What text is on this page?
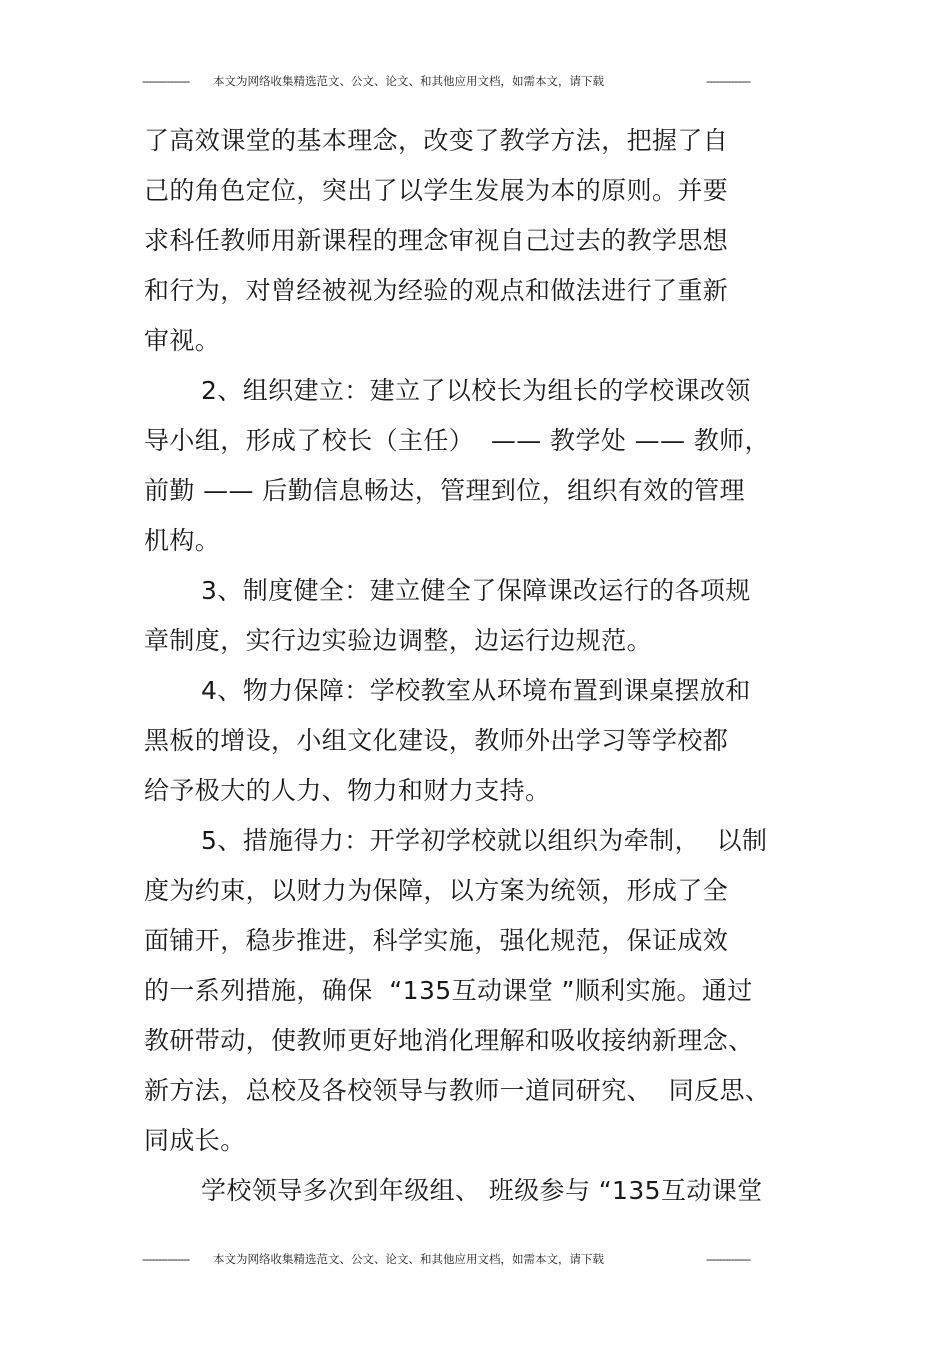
--------------- 本文为网络收集精选范文、公文、论文、和其他应用文档，如需本文，请下载	--------------
了高效课堂的基本理念，改变了教学方法，把握了自
己的角色定位，突出了以学生发展为本的原则。并要
求科任教师用新课程的理念审视自己过去的教学思想
和行为，对曾经被视为经验的观点和做法进行了重新
审视。
2、组织建立：建立了以校长为组长的学校课改领
导小组，形成了校长（主任）  —— 教学处 —— 教师，
前勤 —— 后勤信息畅达，管理到位，组织有效的管理
机构。
3、制度健全：建立健全了保障课改运行的各项规
章制度，实行边实验边调整，边运行边规范。
4、物力保障：学校教室从环境布置到课桌摆放和
黑板的增设，小组文化建设，教师外出学习等学校都
给予极大的人力、物力和财力支持。
5、措施得力：开学初学校就以组织为牵制，  以制
度为约束，以财力为保障，以方案为统领，形成了全
面铺开，稳步推进，科学实施，强化规范，保证成效
的一系列措施，确保  “135互动课堂 ”顺利实施。通过
教研带动，使教师更好地消化理解和吸收接纳新理念、
新方法，总校及各校领导与教师一道同研究、  同反思、
同成长。
学校领导多次到年级组、 班级参与 “135互动课堂
--------------- 本文为网络收集精选范文、公文、论文、和其他应用文档，如需本文，请下载	--------------
